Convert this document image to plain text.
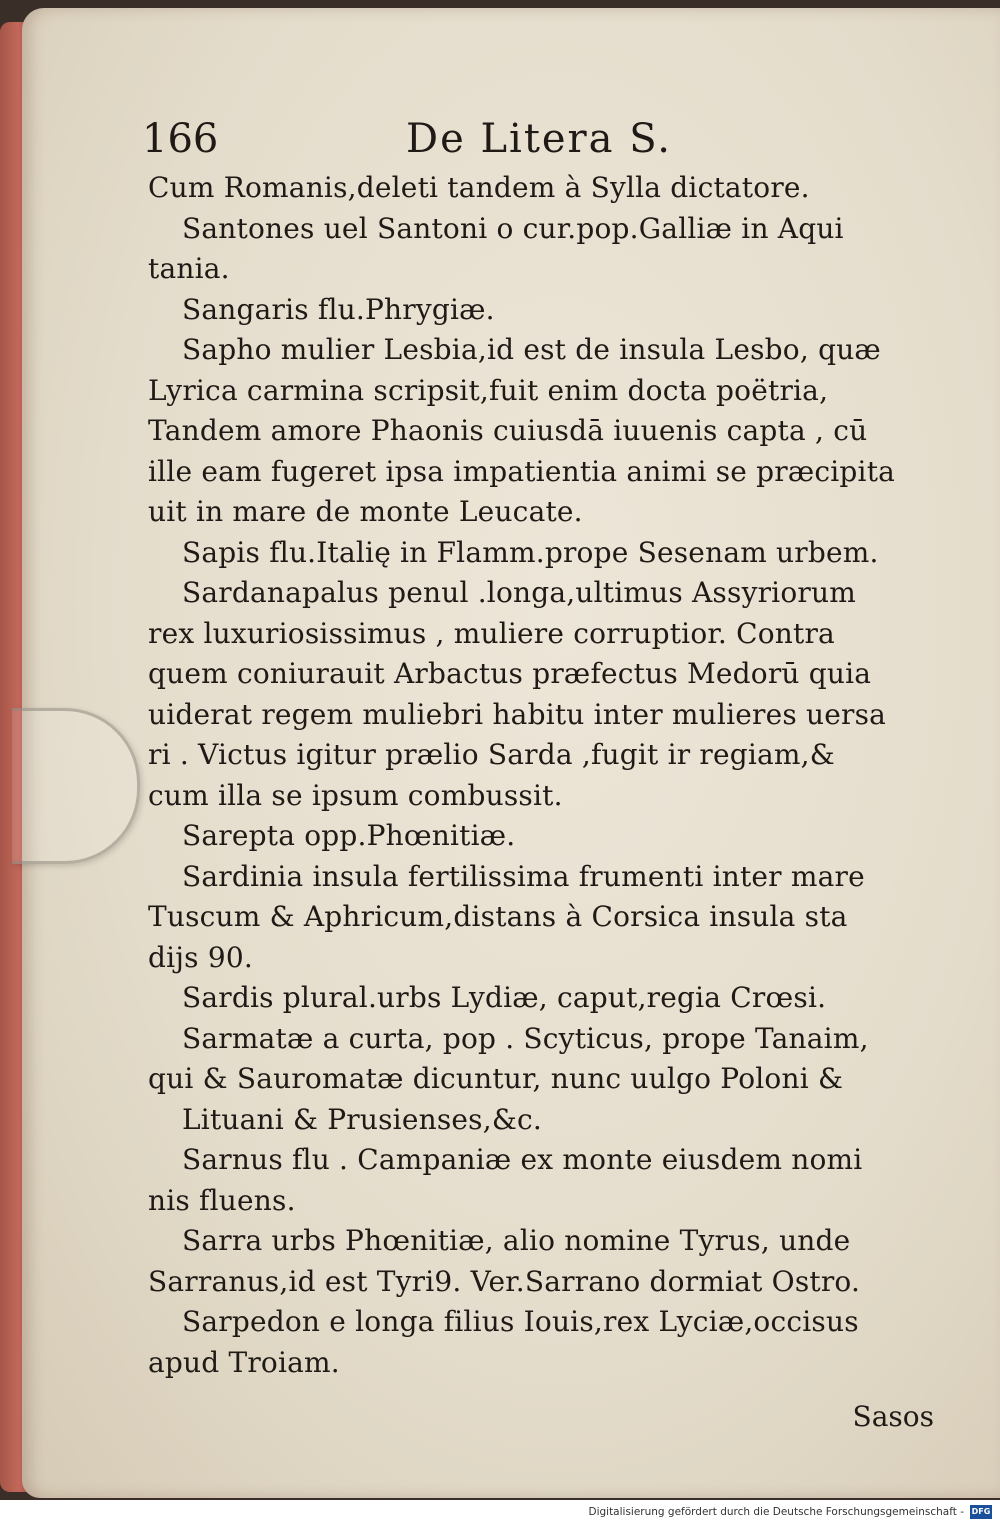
166	De Litera S.
Cum Romanis,deleti tandem à Sylla dictatore.
Santones uel Santoni o cur.pop.Galliæ in Aqui
tania.
Sangaris flu.Phrygiæ.
Sapho mulier Lesbia,id est de insula Lesbo, quæ
Lyrica carmina scripsit,fuit enim docta poëtria,
Tandem amore Phaonis cuiusdā iuuenis capta , cū
ille eam fugeret ipsa impatientia animi se præcipita
uit in mare de monte Leucate.
Sapis flu.Italię in Flamm.prope Sesenam urbem.
Sardanapalus penul .longa,ultimus Assyriorum
rex luxuriosissimus , muliere corruptior. Contra
quem coniurauit Arbactus præfectus Medorū quia
uiderat regem muliebri habitu inter mulieres uersa
ri . Victus igitur prælio Sarda ,fugit ir regiam,&
cum illa se ipsum combussit.
Sarepta opp.Phœnitiæ.
Sardinia insula fertilissima frumenti inter mare
Tuscum & Aphricum,distans à Corsica insula sta
dijs 90.
Sardis plural.urbs Lydiæ, caput,regia Crœsi.
Sarmatæ a curta, pop . Scyticus, prope Tanaim,
qui & Sauromatæ dicuntur, nunc uulgo Poloni &
Lituani & Prusienses,&c.
Sarnus flu . Campaniæ ex monte eiusdem nomi
nis fluens.
Sarra urbs Phœnitiæ, alio nomine Tyrus, unde
Sarranus,id est Tyri9. Ver.Sarrano dormiat Ostro.
Sarpedon e longa filius Iouis,rex Lyciæ,occisus
apud Troiam.
Sasos
Digitalisierung gefördert durch die Deutsche Forschungsgemeinschaft - DFG
